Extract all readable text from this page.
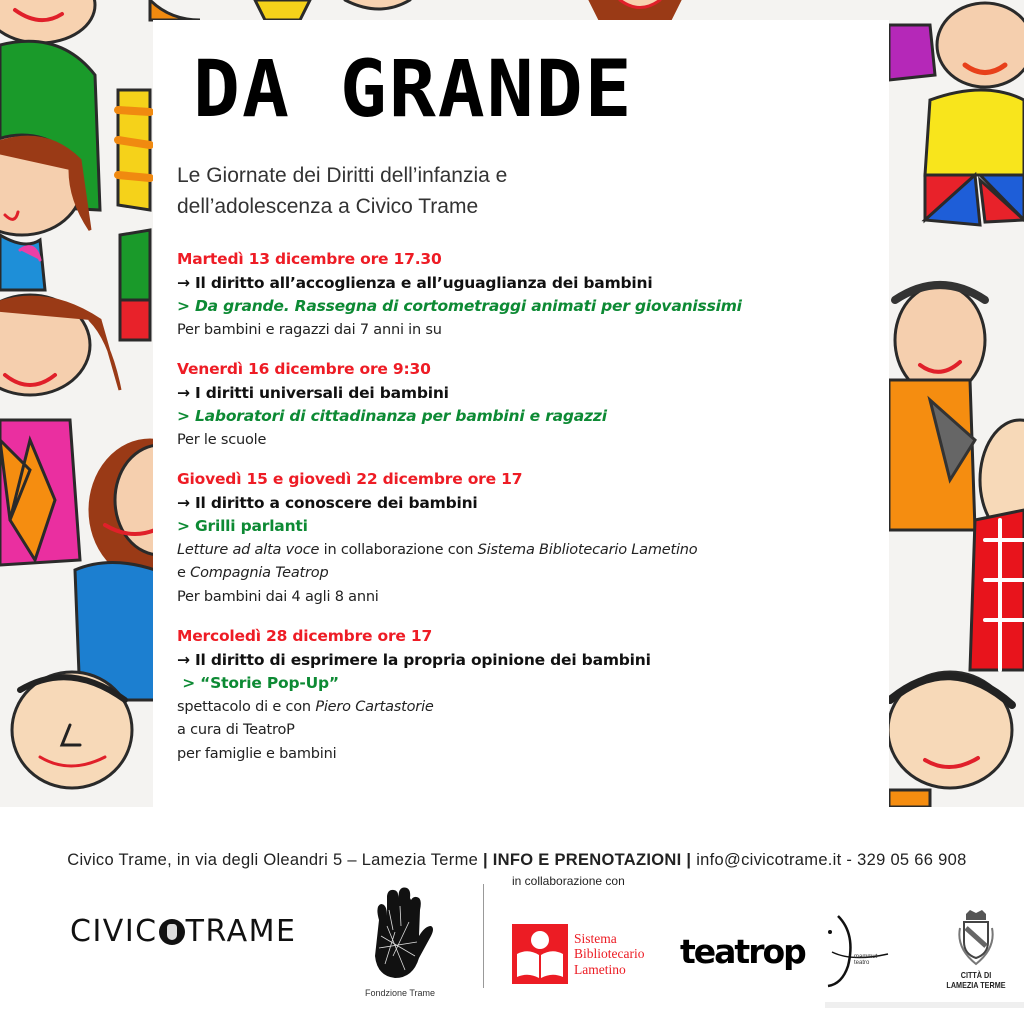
DA GRANDE
Le Giornate dei Diritti dell’infanzia e
dell’adolescenza a Civico Trame
Martedì 13 dicembre ore 17.30
→ Il diritto all’accoglienza e all’uguaglianza dei bambini
> Da grande. Rassegna di cortometraggi animati per giovanissimi
Per bambini e ragazzi dai 7 anni in su
Venerdì 16 dicembre ore 9:30
→ I diritti universali dei bambini
> Laboratori di cittadinanza per bambini e ragazzi
Per le scuole
Giovedì 15 e giovedì 22 dicembre ore 17
→ Il diritto a conoscere dei bambini
> Grilli parlanti
Letture ad alta voce in collaborazione con Sistema Bibliotecario Lametino
e Compagnia Teatrop
Per bambini dai 4 agli 8 anni
Mercoledì 28 dicembre ore 17
→ Il diritto di esprimere la propria opinione dei bambini
> “Storie Pop-Up”
spettacolo di e con Piero Cartastorie
a cura di TeatroP
per famiglie e bambini

Civico Trame, in via degli Oleandri 5 – Lamezia Terme | INFO E PRENOTAZIONI | info@civicotrame.it - 329 05 66 908

CIVIC TRAME
Fondzione Trame
in collaborazione con
Sistema
Bibliotecario
Lametino	teatrop	mammut
teatro
CITTÀ DI
LAMEZIA TERME
